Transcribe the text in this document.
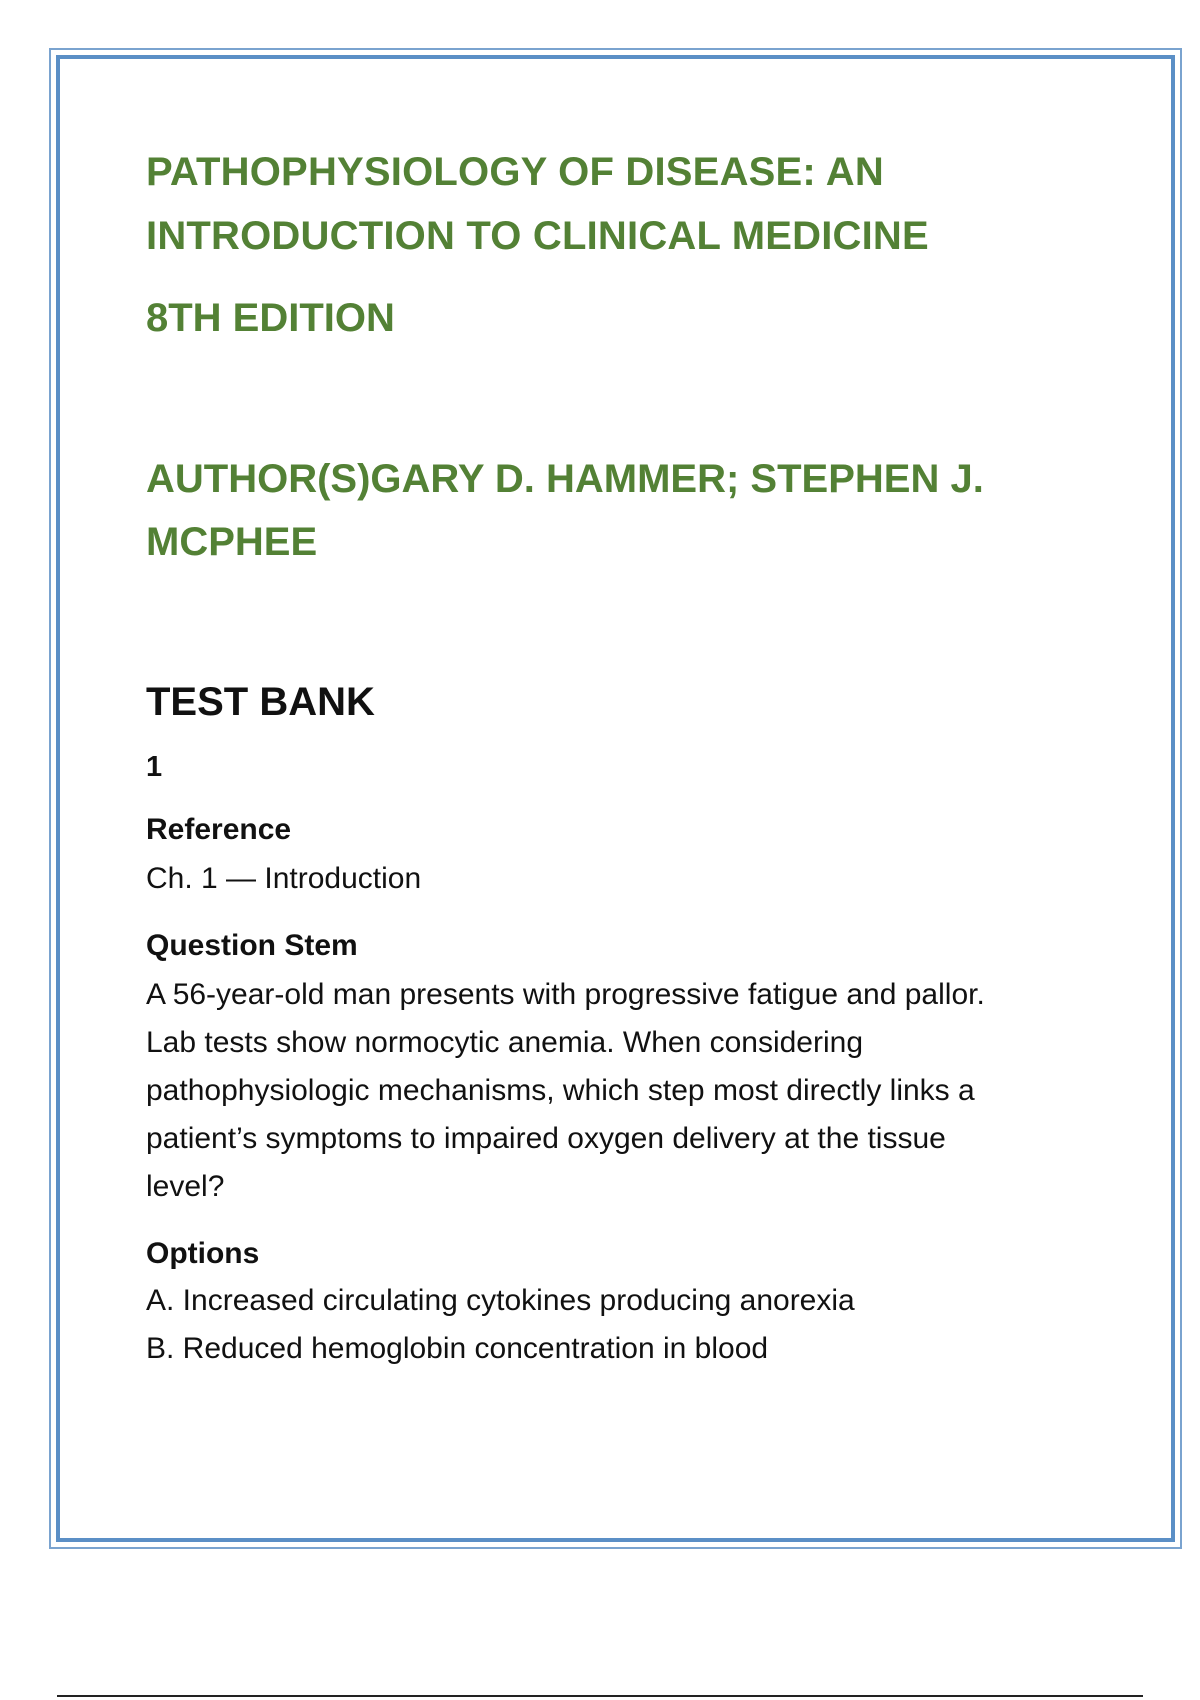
PATHOPHYSIOLOGY OF DISEASE: AN
INTRODUCTION TO CLINICAL MEDICINE
8TH EDITION
AUTHOR(S)GARY D. HAMMER; STEPHEN J.
MCPHEE
TEST BANK
1
Reference
Ch. 1 — Introduction
Question Stem
A 56-year-old man presents with progressive fatigue and pallor.
Lab tests show normocytic anemia. When considering
pathophysiologic mechanisms, which step most directly links a
patient’s symptoms to impaired oxygen delivery at the tissue
level?
Options
A. Increased circulating cytokines producing anorexia
B. Reduced hemoglobin concentration in blood
